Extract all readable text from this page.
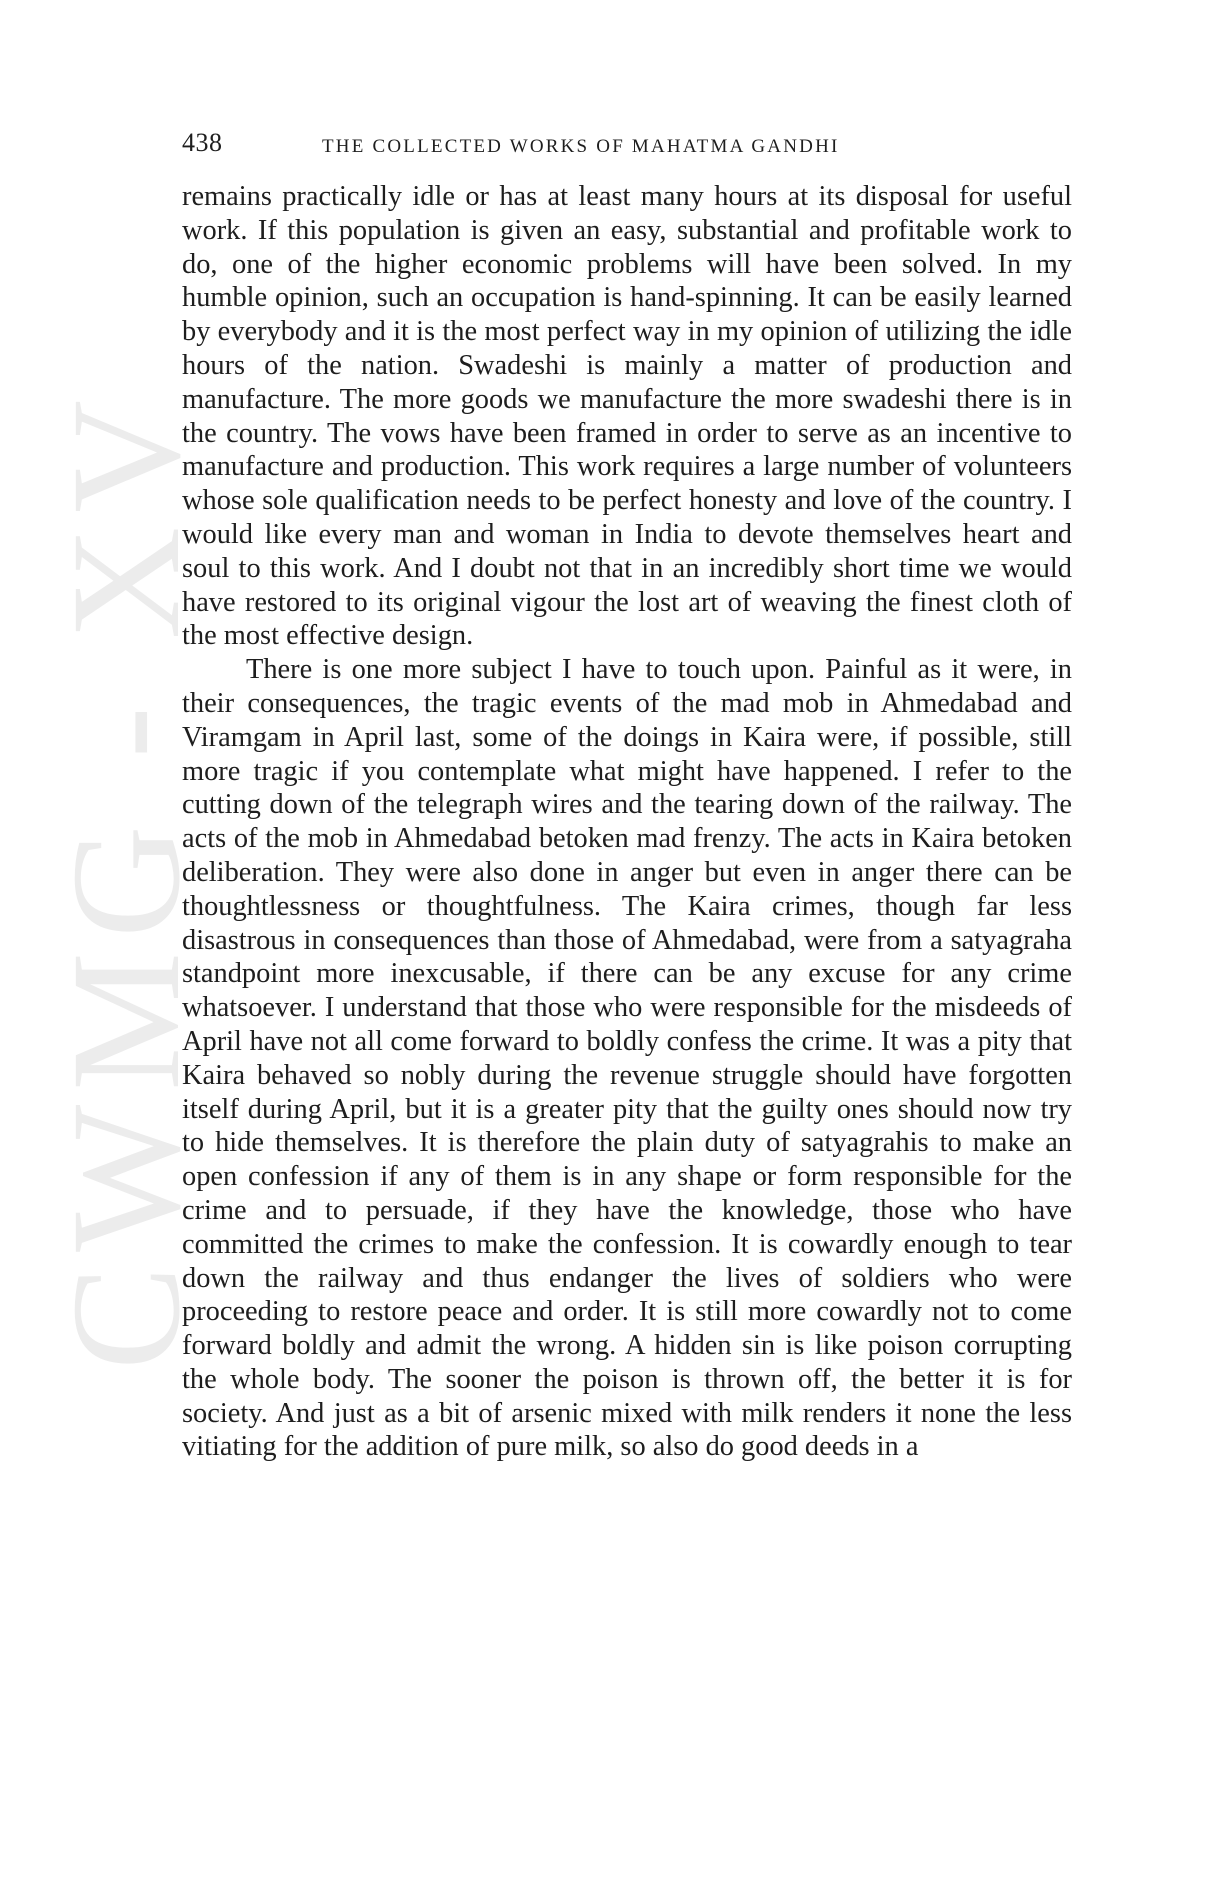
CWMG - XV
438	THE COLLECTED WORKS OF MAHATMA GANDHI

remains practically idle or has at least many hours at its disposal for useful work. If this population is given an easy, substantial and profitable work to do, one of the higher economic problems will have been solved. In my humble opinion, such an occupation is hand-spinning. It can be easily learned by everybody and it is the most perfect way in my opinion of utilizing the idle hours of the nation. Swadeshi is mainly a matter of production and manufacture. The more goods we manufacture the more swadeshi there is in the country. The vows have been framed in order to serve as an incentive to manufacture and production. This work requires a large number of volunteers whose sole qualification needs to be perfect honesty and love of the country. I would like every man and woman in India to devote themselves heart and soul to this work. And I doubt not that in an incredibly short time we would have restored to its original vigour the lost art of weaving the finest cloth of the most effective design.

There is one more subject I have to touch upon. Painful as it were, in their consequences, the tragic events of the mad mob in Ahmedabad and Viramgam in April last, some of the doings in Kaira were, if possible, still more tragic if you contemplate what might have happened. I refer to the cutting down of the telegraph wires and the tearing down of the railway. The acts of the mob in Ahmedabad betoken mad frenzy. The acts in Kaira betoken deliberation. They were also done in anger but even in anger there can be thoughtlessness or thoughtfulness. The Kaira crimes, though far less disastrous in consequences than those of Ahmedabad, were from a satyagraha standpoint more inexcusable, if there can be any excuse for any crime whatsoever. I understand that those who were responsible for the misdeeds of April have not all come forward to boldly confess the crime. It was a pity that Kaira behaved so nobly during the revenue struggle should have forgotten itself during April, but it is a greater pity that the guilty ones should now try to hide themselves. It is therefore the plain duty of satyagrahis to make an open confession if any of them is in any shape or form responsible for the crime and to persuade, if they have the knowledge, those who have committed the crimes to make the confession. It is cowardly enough to tear down the railway and thus endanger the lives of soldiers who were proceeding to restore peace and order. It is still more cowardly not to come forward boldly and admit the wrong. A hidden sin is like poison corrupting the whole body. The sooner the poison is thrown off, the better it is for society. And just as a bit of arsenic mixed with milk renders it none the less vitiating for the addition of pure milk, so also do good deeds in a
